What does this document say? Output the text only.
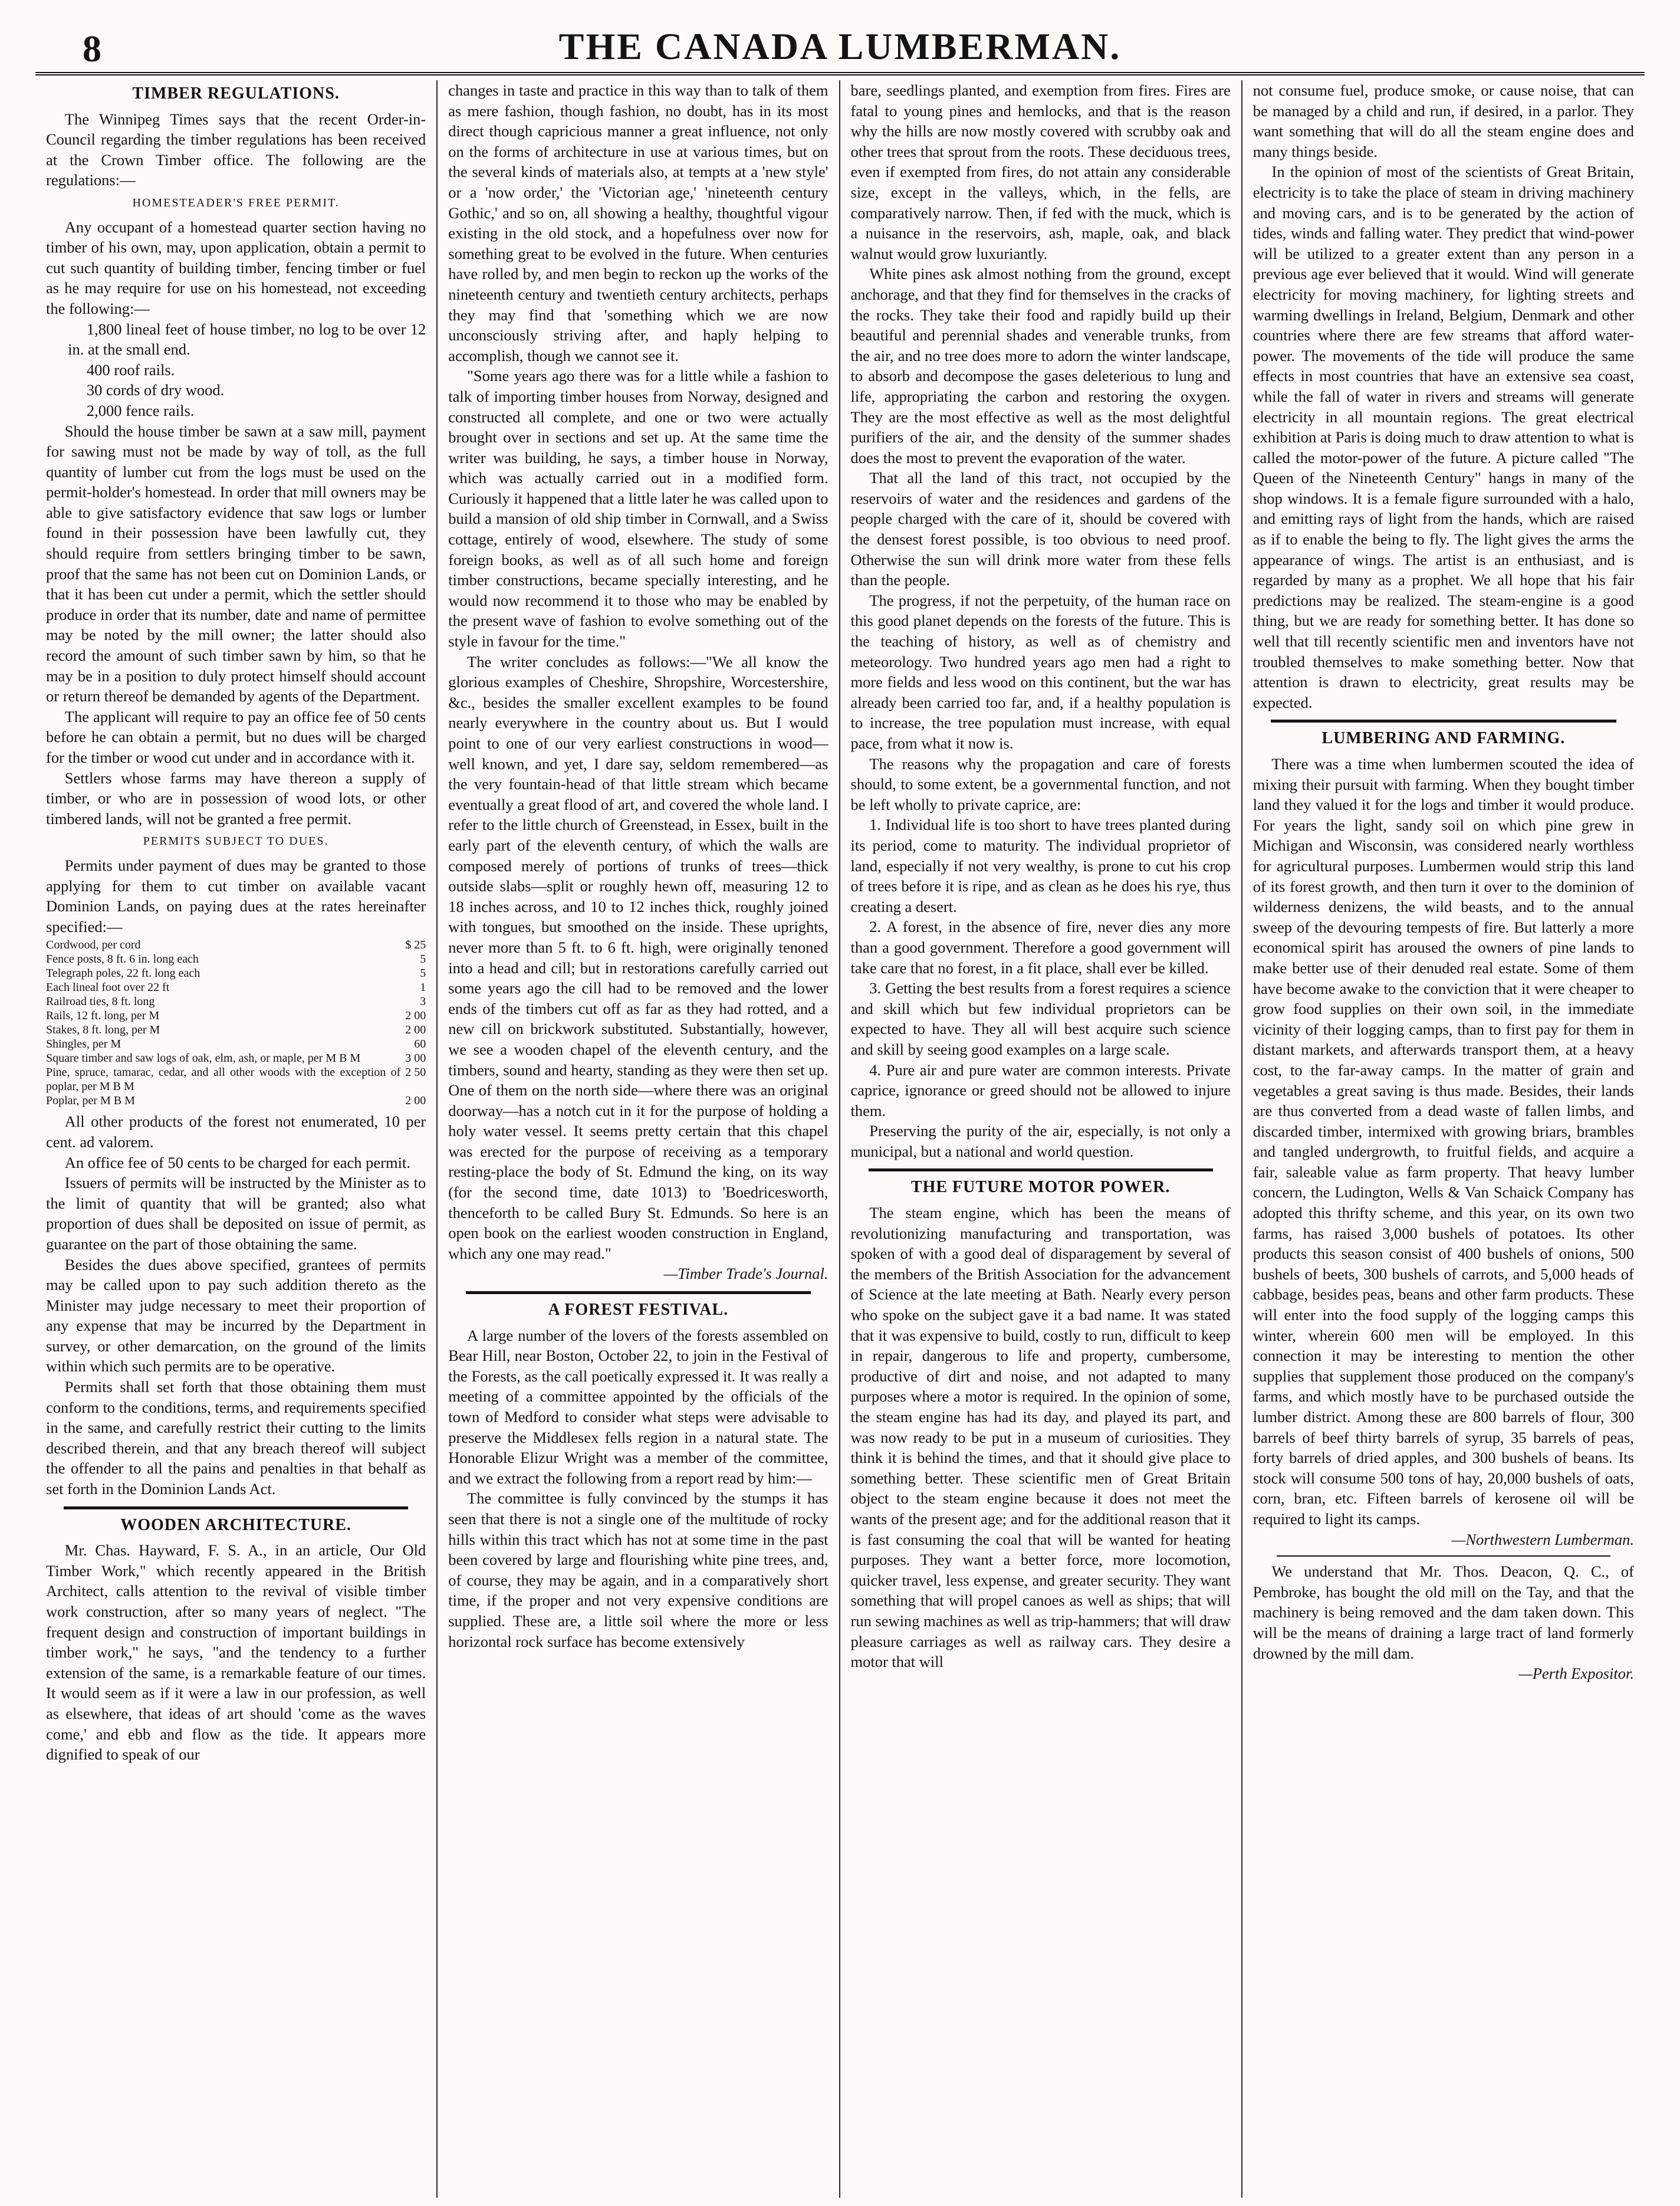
8	THE CANADA LUMBERMAN.
TIMBER REGULATIONS.

The Winnipeg Times says that the recent Order-in-Council regarding the timber regulations has been received at the Crown Timber office. The following are the regulations:—

HOMESTEADER'S FREE PERMIT.

Any occupant of a homestead quarter section having no timber of his own, may, upon application, obtain a permit to cut such quantity of building timber, fencing timber or fuel as he may require for use on his homestead, not exceeding the following:—

1,800 lineal feet of house timber, no log to be over 12 in. at the small end.

400 roof rails.

30 cords of dry wood.

2,000 fence rails.

Should the house timber be sawn at a saw mill, payment for sawing must not be made by way of toll, as the full quantity of lumber cut from the logs must be used on the permit-holder's homestead. In order that mill owners may be able to give satisfactory evidence that saw logs or lumber found in their possession have been lawfully cut, they should require from settlers bringing timber to be sawn, proof that the same has not been cut on Dominion Lands, or that it has been cut under a permit, which the settler should produce in order that its number, date and name of permittee may be noted by the mill owner; the latter should also record the amount of such timber sawn by him, so that he may be in a position to duly protect himself should account or return thereof be demanded by agents of the Department.

The applicant will require to pay an office fee of 50 cents before he can obtain a permit, but no dues will be charged for the timber or wood cut under and in accordance with it.

Settlers whose farms may have thereon a supply of timber, or who are in possession of wood lots, or other timbered lands, will not be granted a free permit.

PERMITS SUBJECT TO DUES.

Permits under payment of dues may be granted to those applying for them to cut timber on available vacant Dominion Lands, on paying dues at the rates hereinafter specified:—

Cordwood, per cord	$ 25
Fence posts, 8 ft. 6 in. long each	5
Telegraph poles, 22 ft. long each	5
Each lineal foot over 22 ft	1
Railroad ties, 8 ft. long	3
Rails, 12 ft. long, per M	2 00
Stakes, 8 ft. long, per M	2 00
Shingles, per M	60
Square timber and saw logs of oak, elm, ash, or maple, per M B M	3 00
Pine, spruce, tamarac, cedar, and all other woods with the exception of poplar, per M B M	2 50
Poplar, per M B M	2 00

All other products of the forest not enumerated, 10 per cent. ad valorem.

An office fee of 50 cents to be charged for each permit.

Issuers of permits will be instructed by the Minister as to the limit of quantity that will be granted; also what proportion of dues shall be deposited on issue of permit, as guarantee on the part of those obtaining the same.

Besides the dues above specified, grantees of permits may be called upon to pay such addition thereto as the Minister may judge necessary to meet their proportion of any expense that may be incurred by the Department in survey, or other demarcation, on the ground of the limits within which such permits are to be operative.

Permits shall set forth that those obtaining them must conform to the conditions, terms, and requirements specified in the same, and carefully restrict their cutting to the limits described therein, and that any breach thereof will subject the offender to all the pains and penalties in that behalf as set forth in the Dominion Lands Act.

WOODEN ARCHITECTURE.

Mr. Chas. Hayward, F. S. A., in an article, Our Old Timber Work," which recently appeared in the British Architect, calls attention to the revival of visible timber work construction, after so many years of neglect. "The frequent design and construction of important buildings in timber work," he says, "and the tendency to a further extension of the same, is a remarkable feature of our times. It would seem as if it were a law in our profession, as well as elsewhere, that ideas of art should 'come as the waves come,' and ebb and flow as the tide. It appears more dignified to speak of our

changes in taste and practice in this way than to talk of them as mere fashion, though fashion, no doubt, has in its most direct though capricious manner a great influence, not only on the forms of architecture in use at various times, but on the several kinds of materials also, at tempts at a 'new style' or a 'now order,' the 'Victorian age,' 'nineteenth century Gothic,' and so on, all showing a healthy, thoughtful vigour existing in the old stock, and a hopefulness over now for something great to be evolved in the future. When centuries have rolled by, and men begin to reckon up the works of the nineteenth century and twentieth century architects, perhaps they may find that 'something which we are now unconsciously striving after, and haply helping to accomplish, though we cannot see it.

"Some years ago there was for a little while a fashion to talk of importing timber houses from Norway, designed and constructed all complete, and one or two were actually brought over in sections and set up. At the same time the writer was building, he says, a timber house in Norway, which was actually carried out in a modified form. Curiously it happened that a little later he was called upon to build a mansion of old ship timber in Cornwall, and a Swiss cottage, entirely of wood, elsewhere. The study of some foreign books, as well as of all such home and foreign timber constructions, became specially interesting, and he would now recommend it to those who may be enabled by the present wave of fashion to evolve something out of the style in favour for the time."

The writer concludes as follows:—"We all know the glorious examples of Cheshire, Shropshire, Worcestershire, &c., besides the smaller excellent examples to be found nearly everywhere in the country about us. But I would point to one of our very earliest constructions in wood—well known, and yet, I dare say, seldom remembered—as the very fountain-head of that little stream which became eventually a great flood of art, and covered the whole land. I refer to the little church of Greenstead, in Essex, built in the early part of the eleventh century, of which the walls are composed merely of portions of trunks of trees—thick outside slabs—split or roughly hewn off, measuring 12 to 18 inches across, and 10 to 12 inches thick, roughly joined with tongues, but smoothed on the inside. These uprights, never more than 5 ft. to 6 ft. high, were originally tenoned into a head and cill; but in restorations carefully carried out some years ago the cill had to be removed and the lower ends of the timbers cut off as far as they had rotted, and a new cill on brickwork substituted. Substantially, however, we see a wooden chapel of the eleventh century, and the timbers, sound and hearty, standing as they were then set up. One of them on the north side—where there was an original doorway—has a notch cut in it for the purpose of holding a holy water vessel. It seems pretty certain that this chapel was erected for the purpose of receiving as a temporary resting-place the body of St. Edmund the king, on its way (for the second time, date 1013) to 'Boedricesworth, thenceforth to be called Bury St. Edmunds. So here is an open book on the earliest wooden construction in England, which any one may read."

—Timber Trade's Journal.

A FOREST FESTIVAL.

A large number of the lovers of the forests assembled on Bear Hill, near Boston, October 22, to join in the Festival of the Forests, as the call poetically expressed it. It was really a meeting of a committee appointed by the officials of the town of Medford to consider what steps were advisable to preserve the Middlesex fells region in a natural state. The Honorable Elizur Wright was a member of the committee, and we extract the following from a report read by him:—

The committee is fully convinced by the stumps it has seen that there is not a single one of the multitude of rocky hills within this tract which has not at some time in the past been covered by large and flourishing white pine trees, and, of course, they may be again, and in a comparatively short time, if the proper and not very expensive conditions are supplied. These are, a little soil where the more or less horizontal rock surface has become extensively

bare, seedlings planted, and exemption from fires. Fires are fatal to young pines and hemlocks, and that is the reason why the hills are now mostly covered with scrubby oak and other trees that sprout from the roots. These deciduous trees, even if exempted from fires, do not attain any considerable size, except in the valleys, which, in the fells, are comparatively narrow. Then, if fed with the muck, which is a nuisance in the reservoirs, ash, maple, oak, and black walnut would grow luxuriantly.

White pines ask almost nothing from the ground, except anchorage, and that they find for themselves in the cracks of the rocks. They take their food and rapidly build up their beautiful and perennial shades and venerable trunks, from the air, and no tree does more to adorn the winter landscape, to absorb and decompose the gases deleterious to lung and life, appropriating the carbon and restoring the oxygen. They are the most effective as well as the most delightful purifiers of the air, and the density of the summer shades does the most to prevent the evaporation of the water.

That all the land of this tract, not occupied by the reservoirs of water and the residences and gardens of the people charged with the care of it, should be covered with the densest forest possible, is too obvious to need proof. Otherwise the sun will drink more water from these fells than the people.

The progress, if not the perpetuity, of the human race on this good planet depends on the forests of the future. This is the teaching of history, as well as of chemistry and meteorology. Two hundred years ago men had a right to more fields and less wood on this continent, but the war has already been carried too far, and, if a healthy population is to increase, the tree population must increase, with equal pace, from what it now is.

The reasons why the propagation and care of forests should, to some extent, be a governmental function, and not be left wholly to private caprice, are:

1. Individual life is too short to have trees planted during its period, come to maturity. The individual proprietor of land, especially if not very wealthy, is prone to cut his crop of trees before it is ripe, and as clean as he does his rye, thus creating a desert.

2. A forest, in the absence of fire, never dies any more than a good government. Therefore a good government will take care that no forest, in a fit place, shall ever be killed.

3. Getting the best results from a forest requires a science and skill which but few individual proprietors can be expected to have. They all will best acquire such science and skill by seeing good examples on a large scale.

4. Pure air and pure water are common interests. Private caprice, ignorance or greed should not be allowed to injure them.

Preserving the purity of the air, especially, is not only a municipal, but a national and world question.

THE FUTURE MOTOR POWER.

The steam engine, which has been the means of revolutionizing manufacturing and transportation, was spoken of with a good deal of disparagement by several of the members of the British Association for the advancement of Science at the late meeting at Bath. Nearly every person who spoke on the subject gave it a bad name. It was stated that it was expensive to build, costly to run, difficult to keep in repair, dangerous to life and property, cumbersome, productive of dirt and noise, and not adapted to many purposes where a motor is required. In the opinion of some, the steam engine has had its day, and played its part, and was now ready to be put in a museum of curiosities. They think it is behind the times, and that it should give place to something better. These scientific men of Great Britain object to the steam engine because it does not meet the wants of the present age; and for the additional reason that it is fast consuming the coal that will be wanted for heating purposes. They want a better force, more locomotion, quicker travel, less expense, and greater security. They want something that will propel canoes as well as ships; that will run sewing machines as well as trip-hammers; that will draw pleasure carriages as well as railway cars. They desire a motor that will

not consume fuel, produce smoke, or cause noise, that can be managed by a child and run, if desired, in a parlor. They want something that will do all the steam engine does and many things beside.

In the opinion of most of the scientists of Great Britain, electricity is to take the place of steam in driving machinery and moving cars, and is to be generated by the action of tides, winds and falling water. They predict that wind-power will be utilized to a greater extent than any person in a previous age ever believed that it would. Wind will generate electricity for moving machinery, for lighting streets and warming dwellings in Ireland, Belgium, Denmark and other countries where there are few streams that afford water-power. The movements of the tide will produce the same effects in most countries that have an extensive sea coast, while the fall of water in rivers and streams will generate electricity in all mountain regions. The great electrical exhibition at Paris is doing much to draw attention to what is called the motor-power of the future. A picture called "The Queen of the Nineteenth Century" hangs in many of the shop windows. It is a female figure surrounded with a halo, and emitting rays of light from the hands, which are raised as if to enable the being to fly. The light gives the arms the appearance of wings. The artist is an enthusiast, and is regarded by many as a prophet. We all hope that his fair predictions may be realized. The steam-engine is a good thing, but we are ready for something better. It has done so well that till recently scientific men and inventors have not troubled themselves to make something better. Now that attention is drawn to electricity, great results may be expected.

LUMBERING AND FARMING.

There was a time when lumbermen scouted the idea of mixing their pursuit with farming. When they bought timber land they valued it for the logs and timber it would produce. For years the light, sandy soil on which pine grew in Michigan and Wisconsin, was considered nearly worthless for agricultural purposes. Lumbermen would strip this land of its forest growth, and then turn it over to the dominion of wilderness denizens, the wild beasts, and to the annual sweep of the devouring tempests of fire. But latterly a more economical spirit has aroused the owners of pine lands to make better use of their denuded real estate. Some of them have become awake to the conviction that it were cheaper to grow food supplies on their own soil, in the immediate vicinity of their logging camps, than to first pay for them in distant markets, and afterwards transport them, at a heavy cost, to the far-away camps. In the matter of grain and vegetables a great saving is thus made. Besides, their lands are thus converted from a dead waste of fallen limbs, and discarded timber, intermixed with growing briars, brambles and tangled undergrowth, to fruitful fields, and acquire a fair, saleable value as farm property. That heavy lumber concern, the Ludington, Wells & Van Schaick Company has adopted this thrifty scheme, and this year, on its own two farms, has raised 3,000 bushels of potatoes. Its other products this season consist of 400 bushels of onions, 500 bushels of beets, 300 bushels of carrots, and 5,000 heads of cabbage, besides peas, beans and other farm products. These will enter into the food supply of the logging camps this winter, wherein 600 men will be employed. In this connection it may be interesting to mention the other supplies that supplement those produced on the company's farms, and which mostly have to be purchased outside the lumber district. Among these are 800 barrels of flour, 300 barrels of beef thirty barrels of syrup, 35 barrels of peas, forty barrels of dried apples, and 300 bushels of beans. Its stock will consume 500 tons of hay, 20,000 bushels of oats, corn, bran, etc. Fifteen barrels of kerosene oil will be required to light its camps.

—Northwestern Lumberman.

We understand that Mr. Thos. Deacon, Q. C., of Pembroke, has bought the old mill on the Tay, and that the machinery is being removed and the dam taken down. This will be the means of draining a large tract of land formerly drowned by the mill dam.

—Perth Expositor.
